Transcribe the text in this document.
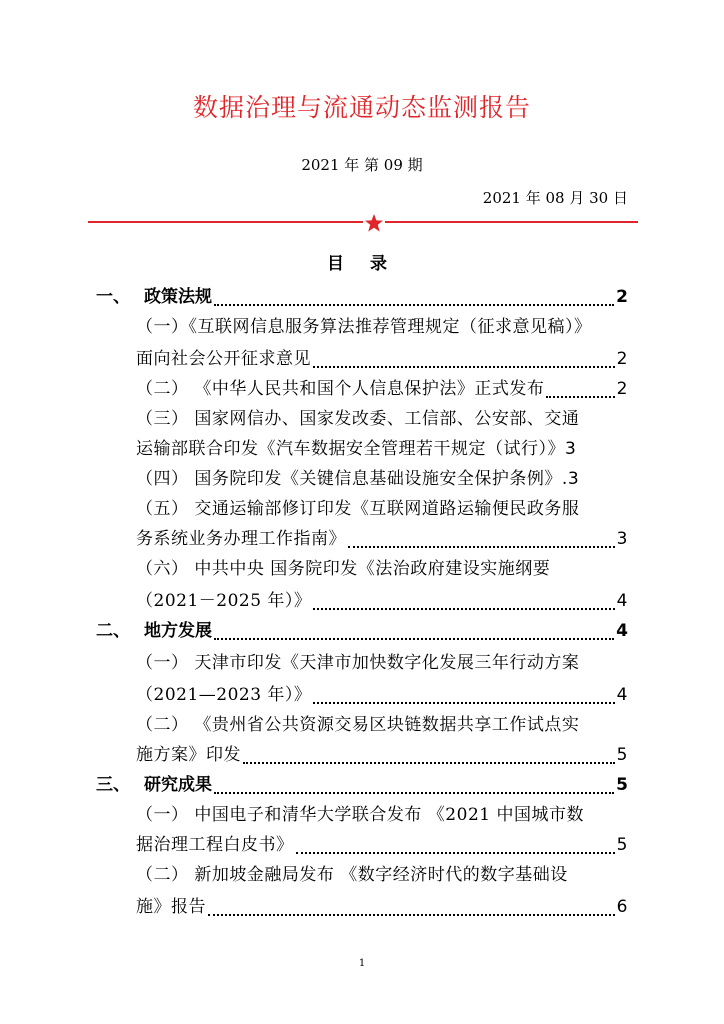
数据治理与流通动态监测报告
2021 年 第 09 期
2021 年 08 月 30 日
目 录
一、 政策法规	2
（一）《互联网信息服务算法推荐管理规定（征求意见稿）》
面向社会公开征求意见	2
（二） 《中华人民共和国个人信息保护法》正式发布	2
（三） 国家网信办、国家发改委、工信部、公安部、交通
运输部联合印发《汽车数据安全管理若干规定（试行）》 3
（四） 国务院印发《关键信息基础设施安全保护条例》. 3
（五） 交通运输部修订印发《互联网道路运输便民政务服
务系统业务办理工作指南》	3
（六） 中共中央 国务院印发《法治政府建设实施纲要
（2021－2025 年）》	4
二、 地方发展	4
（一） 天津市印发《天津市加快数字化发展三年行动方案
（2021—2023 年）》	4
（二） 《贵州省公共资源交易区块链数据共享工作试点实
施方案》印发	5
三、 研究成果	5
（一） 中国电子和清华大学联合发布 《2021 中国城市数
据治理工程白皮书》	5
（二） 新加坡金融局发布 《数字经济时代的数字基础设
施》报告	6
1
